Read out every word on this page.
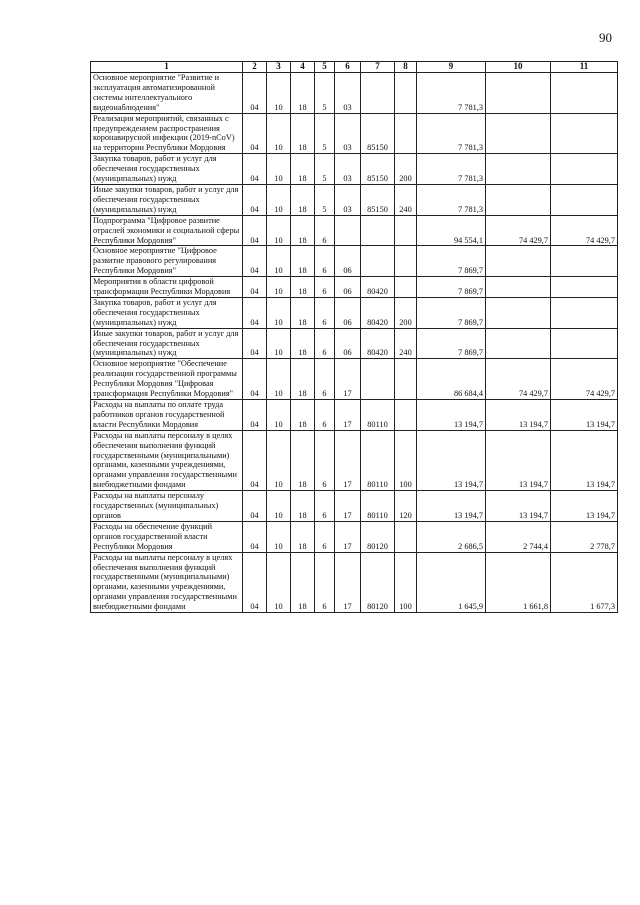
90
1	2	3	4	5	6	7	8	9	10	11
Основное мероприятие "Развитие и эксплуатация автоматизированной системы интеллектуального видеонаблюдения"	04	10	18	5	03			7 781,3		
Реализация мероприятий, связанных с предупреждением распространения коронавирусной инфекции (2019-nCoV) на территории Республики Мордовия	04	10	18	5	03	85150		7 781,3		
Закупка товаров, работ и услуг для обеспечения государственных (муниципальных) нужд	04	10	18	5	03	85150	200	7 781,3		
Иные закупки товаров, работ и услуг для обеспечения государственных (муниципальных) нужд	04	10	18	5	03	85150	240	7 781,3		
Подпрограмма "Цифровое развитие отраслей экономики и социальной сферы Республики Мордовия"	04	10	18	6				94 554,1	74 429,7	74 429,7
Основное мероприятие "Цифровое развитие правового регулирования Республики Мордовия"	04	10	18	6	06			7 869,7		
Мероприятия в области цифровой трансформации Республики Мордовия	04	10	18	6	06	80420		7 869,7		
Закупка товаров, работ и услуг для обеспечения государственных (муниципальных) нужд	04	10	18	6	06	80420	200	7 869,7		
Иные закупки товаров, работ и услуг для обеспечения государственных (муниципальных) нужд	04	10	18	6	06	80420	240	7 869,7		
Основное мероприятие "Обеспечение реализации государственной программы Республики Мордовия "Цифровая трансформация Республики Мордовия"	04	10	18	6	17			86 684,4	74 429,7	74 429,7
Расходы на выплаты по оплате труда работников органов государственной власти Республики Мордовия	04	10	18	6	17	80110		13 194,7	13 194,7	13 194,7
Расходы на выплаты персоналу в целях обеспечения выполнения функций государственными (муниципальными) органами, казенными учреждениями, органами управления государственными внебюджетными фондами	04	10	18	6	17	80110	100	13 194,7	13 194,7	13 194,7
Расходы на выплаты персоналу государственных (муниципальных) органов	04	10	18	6	17	80110	120	13 194,7	13 194,7	13 194,7
Расходы на обеспечение функций органов государственной власти Республики Мордовия	04	10	18	6	17	80120		2 686,5	2 744,4	2 778,7
Расходы на выплаты персоналу в целях обеспечения выполнения функций государственными (муниципальными) органами, казенными учреждениями, органами управления государственными внебюджетными фондами	04	10	18	6	17	80120	100	1 645,9	1 661,8	1 677,3
